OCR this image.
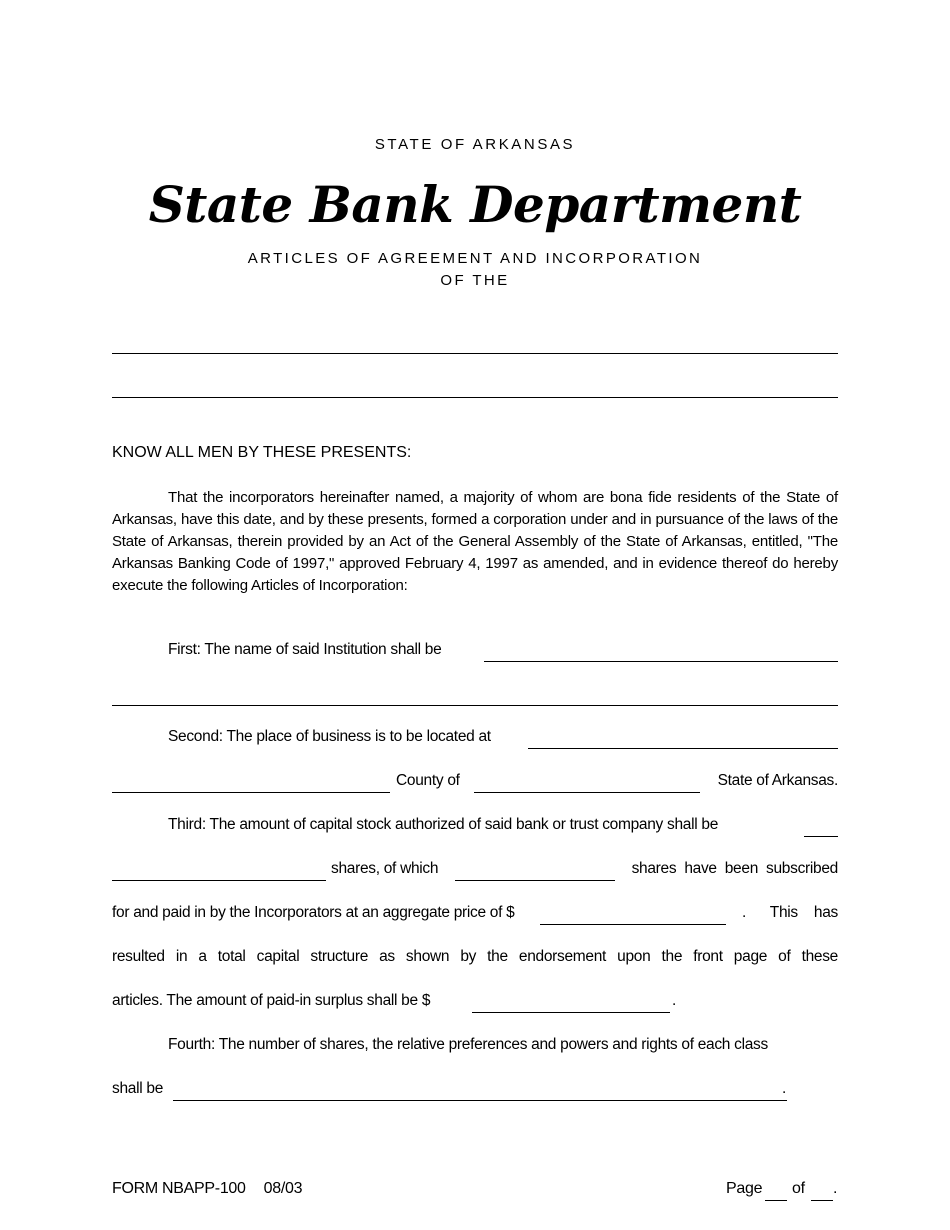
STATE OF ARKANSAS
State Bank Department
ARTICLES OF AGREEMENT AND INCORPORATION
OF THE
KNOW ALL MEN BY THESE PRESENTS:
That the incorporators hereinafter named, a majority of whom are bona fide residents of the State of Arkansas, have this date, and by these presents, formed a corporation under and in pursuance of the laws of the State of Arkansas, therein provided by an Act of the General Assembly of the State of Arkansas, entitled, "The Arkansas Banking Code of 1997," approved February 4, 1997 as amended, and in evidence thereof do hereby execute the following Articles of Incorporation:
First: The name of said Institution shall be
Second: The place of business is to be located at
County of	State of Arkansas.
Third: The amount of capital stock authorized of said bank or trust company shall be
shares, of which	shares  have  been  subscribed
for and paid in by the Incorporators at an aggregate price of $	.      This    has
resulted in a total capital structure as shown by the endorsement upon the front page of these
articles. The amount of paid-in surplus shall be $	.
Fourth: The number of shares, the relative preferences and powers and rights of each class
shall be	.
FORM NBAPP-100 08/03	Page of .
